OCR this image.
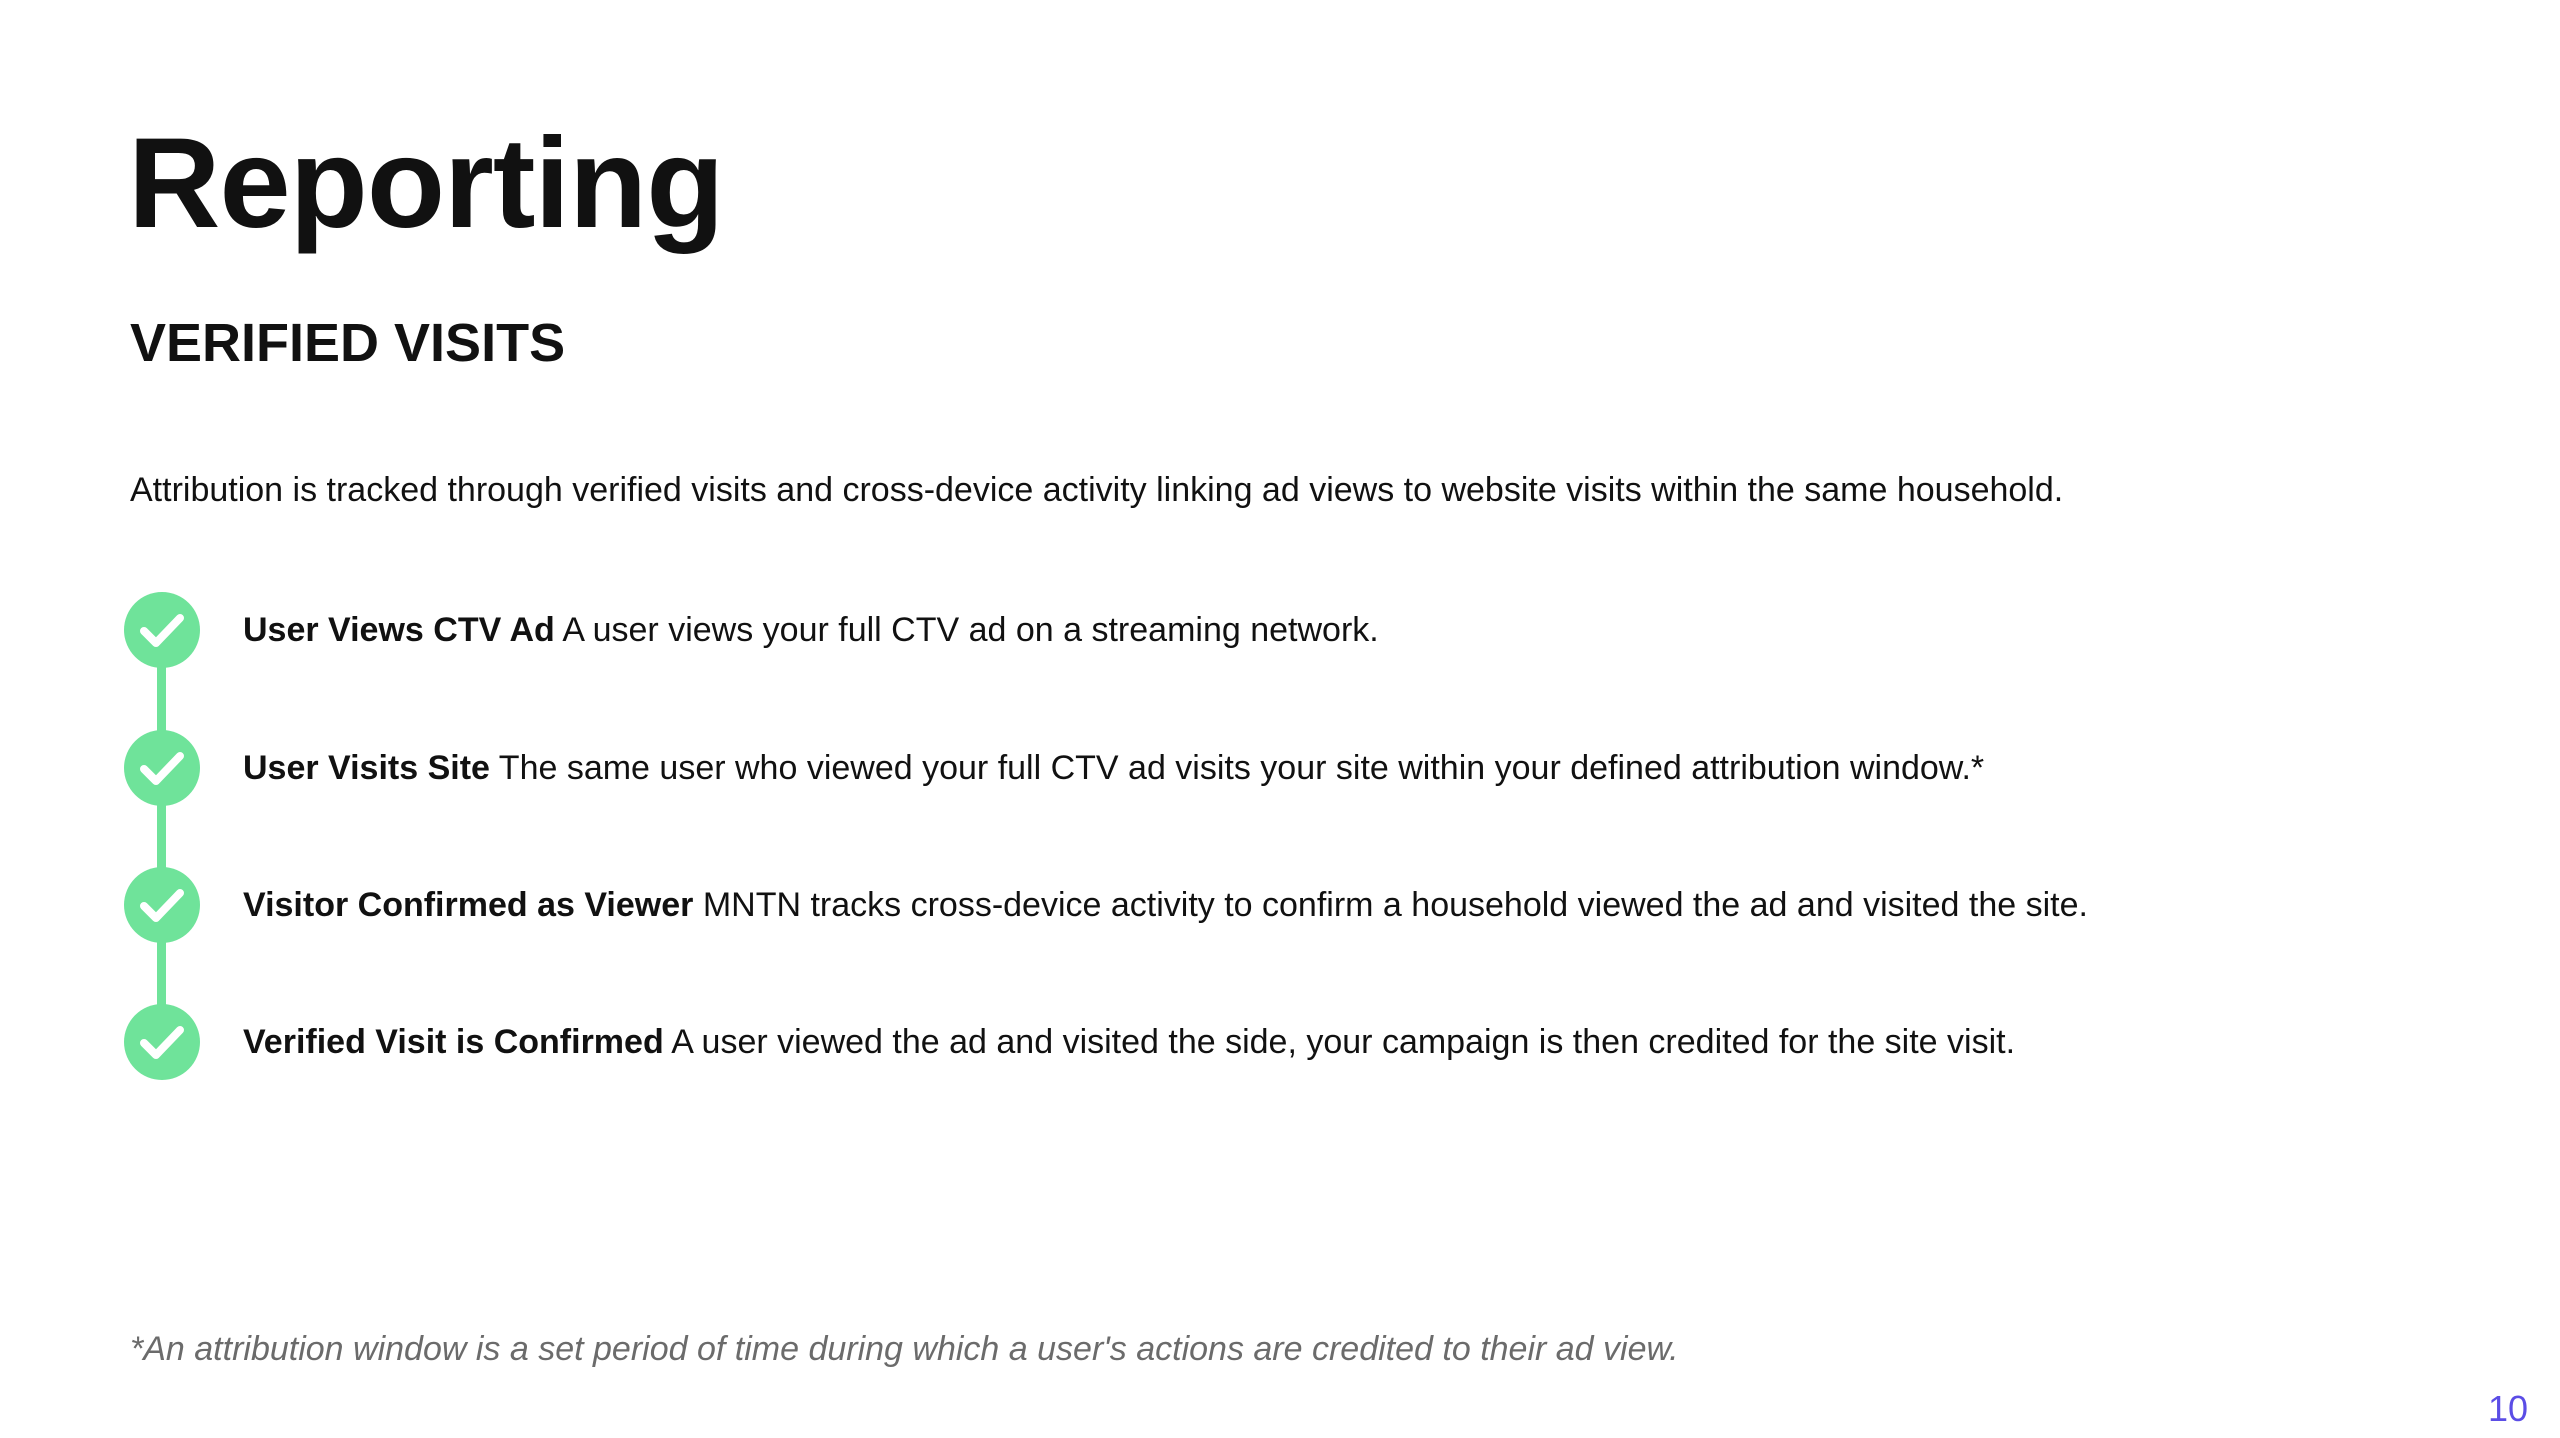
Reporting
VERIFIED VISITS

Attribution is tracked through verified visits and cross-device activity linking ad views to website visits within the same household.

User Views CTV Ad A user views your full CTV ad on a streaming network.
User Visits Site The same user who viewed your full CTV ad visits your site within your defined attribution window.*
Visitor Confirmed as Viewer MNTN tracks cross-device activity to confirm a household viewed the ad and visited the site.
Verified Visit is Confirmed A user viewed the ad and visited the side, your campaign is then credited for the site visit.

*An attribution window is a set period of time during which a user's actions are credited to their ad view.

10
